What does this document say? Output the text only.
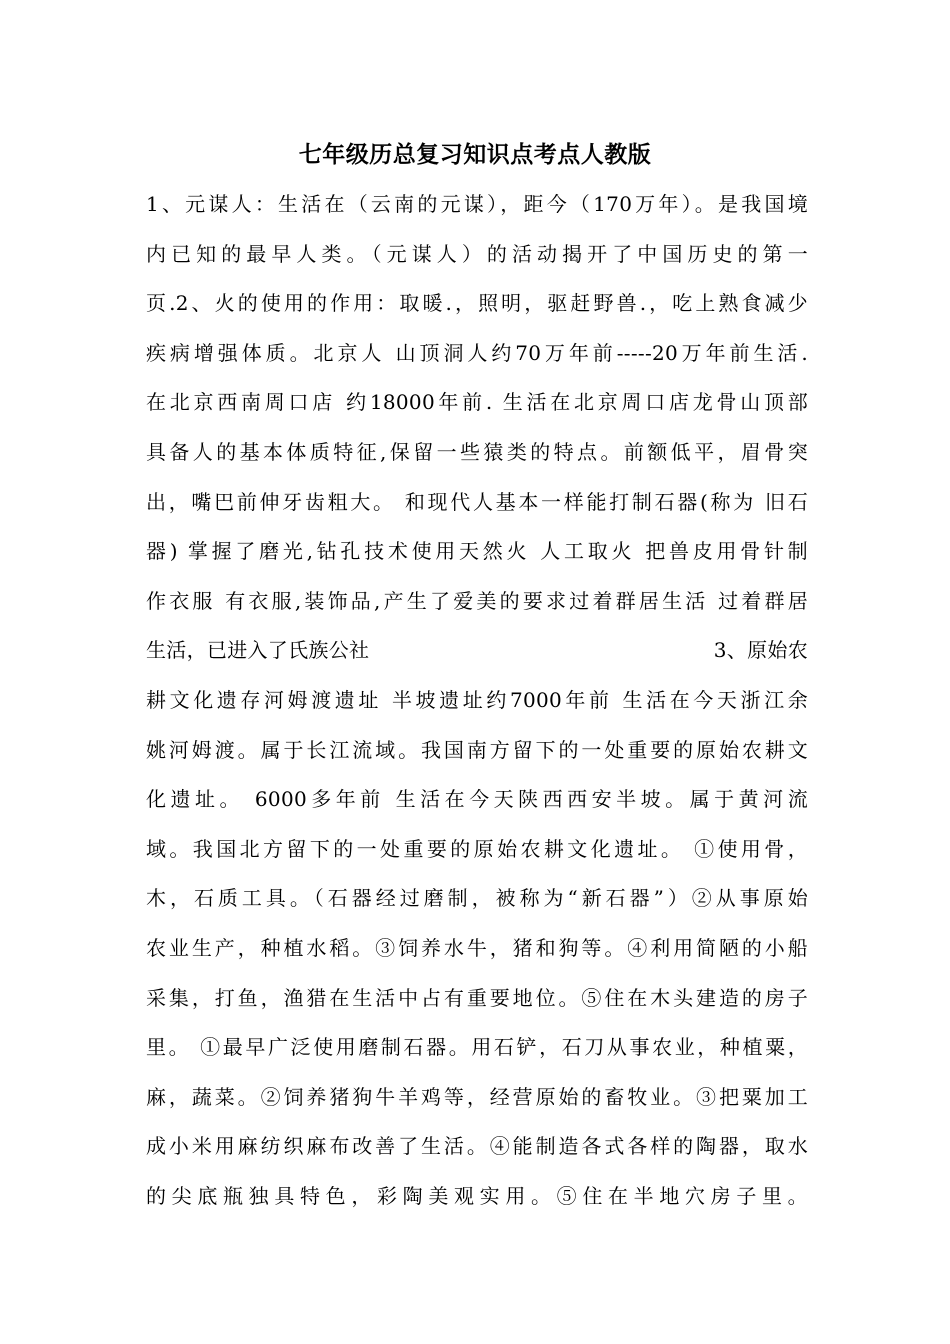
七年级历总复习知识点考点人教版
1、元谋人：生活在（云南的元谋），距今（170万年）。是我国境
内已知的最早人类。（元谋人）的活动揭开了中国历史的第一
页.2、火的使用的作用：取暖.，照明，驱赶野兽.，吃上熟食减少
疾病增强体质。北京人 山顶洞人约70万年前-----20万年前生活.
在北京西南周口店 约18000年前. 生活在北京周口店龙骨山顶部
具备人的基本体质特征,保留一些猿类的特点。前额低平，眉骨突
出，嘴巴前伸牙齿粗大。 和现代人基本一样能打制石器(称为 旧石
器) 掌握了磨光,钻孔技术使用天然火 人工取火 把兽皮用骨针制
作衣服 有衣服,装饰品,产生了爱美的要求过着群居生活 过着群居
生活，已进入了氏族公社	3、原始农
耕文化遗存河姆渡遗址 半坡遗址约7000年前 生活在今天浙江余
姚河姆渡。属于长江流域。我国南方留下的一处重要的原始农耕文
化遗址。 6000多年前 生活在今天陕西西安半坡。属于黄河流
域。我国北方留下的一处重要的原始农耕文化遗址。 ①使用骨，
木，石质工具。（石器经过磨制，被称为“新石器”）②从事原始
农业生产，种植水稻。③饲养水牛，猪和狗等。④利用简陋的小船
采集，打鱼，渔猎在生活中占有重要地位。⑤住在木头建造的房子
里。 ①最早广泛使用磨制石器。用石铲，石刀从事农业，种植粟，
麻，蔬菜。②饲养猪狗牛羊鸡等，经营原始的畜牧业。③把粟加工
成小米用麻纺织麻布改善了生活。④能制造各式各样的陶器，取水
的尖底瓶独具特色，彩陶美观实用。⑤住在半地穴房子里。
